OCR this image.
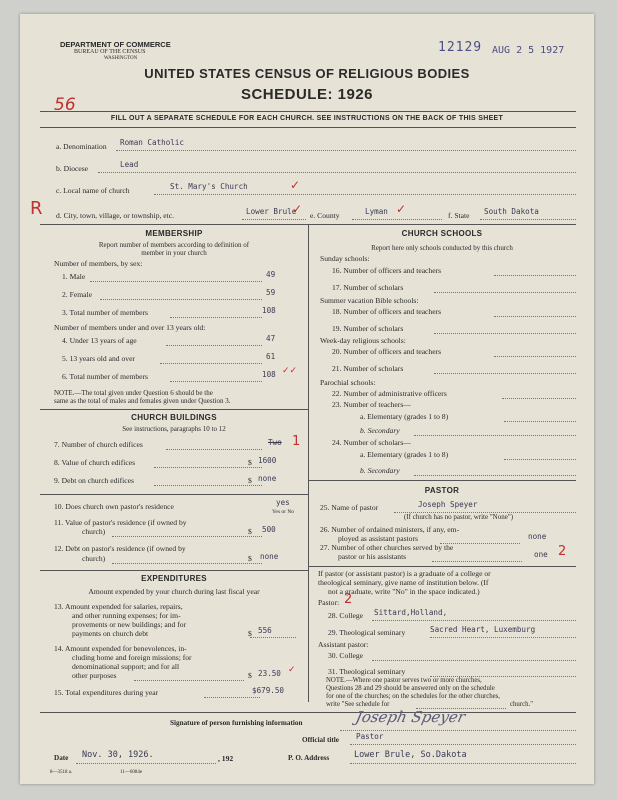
DEPARTMENT OF COMMERCE
BUREAU OF THE CENSUS
WASHINGTON
12129 AUG 2 5 1927
UNITED STATES CENSUS OF RELIGIOUS BODIES
56
SCHEDULE: 1926
FILL OUT A SEPARATE SCHEDULE FOR EACH CHURCH. SEE INSTRUCTIONS ON THE BACK OF THIS SHEET
a. Denomination Roman Catholic
b. Diocese	Lead
c. Local name of church	St. Mary's Church	✓
R d. City, town, village, or township, etc.	Lower Brule
✓ e. County	Lyman ✓	f. State South Dakota
MEMBERSHIP
Report number of members according to definition of
member in your church
Number of members, by sex:
1. Male	49
2. Female	59
3. Total number of members	108
Number of members under and over 13 years old:
4. Under 13 years of age	47
5. 13 years old and over	61
6. Total number of members	108 ✓✓
NOTE.—The total given under Question 6 should be the
same as the total of males and females given under Question 3.
CHURCH BUILDINGS
See instructions, paragraphs 10 to 12
7. Number of church edifices	Two 1
8. Value of church edifices	$ 1600
9. Debt on church edifices	$ none
10. Does church own pastor's residence	yes
Yes or No
11. Value of pastor's residence (if owned by
church)	$ 500
12. Debt on pastor's residence (if owned by
church)	$ none
EXPENDITURES
Amount expended by your church during last fiscal year
13. Amount expended for salaries, repairs,
and other running expenses; for im-
provements or new buildings; and for
payments on church debt	$ 556
14. Amount expended for benevolences, in-
cluding home and foreign missions; for
denominational support; and for all
other purposes	$ 23.50 ✓
15. Total expenditures during year	$679.50
CHURCH SCHOOLS
Report here only schools conducted by this church
Sunday schools:
16. Number of officers and teachers
17. Number of scholars
Summer vacation Bible schools:
18. Number of officers and teachers
19. Number of scholars
Week-day religious schools:
20. Number of officers and teachers
21. Number of scholars
Parochial schools:
22. Number of administrative officers
23. Number of teachers—
a. Elementary (grades 1 to 8)
b. Secondary
24. Number of scholars—
a. Elementary (grades 1 to 8)
b. Secondary
PASTOR
25. Name of pastor	Joseph Speyer
(If church has no pastor, write "None")
26. Number of ordained ministers, if any, em-
ployed as assistant pastors	none
27. Number of other churches served by the
pastor or his assistants	one 2
If pastor (or assistant pastor) is a graduate of a college or
theological seminary, give name of institution below. (If
not a graduate, write "No" in the space indicated.)
Pastor: 2
28. College Sittard,Holland,
29. Theological seminary	Sacred Heart, Luxemburg
Assistant pastor:
30. College
31. Theological seminary
NOTE.—Where one pastor serves two or more churches,
Questions 28 and 29 should be answered only on the schedule
for one of the churches; on the schedules for the other churches,
write "See schedule for	church."
Signature of person furnishing information	Joseph Speyer
Official title Pastor
Date Nov. 30, 1926.	, 192	P. O. Address	Lower Brule, So.Dakota
8—3518 a.	11—6084e
